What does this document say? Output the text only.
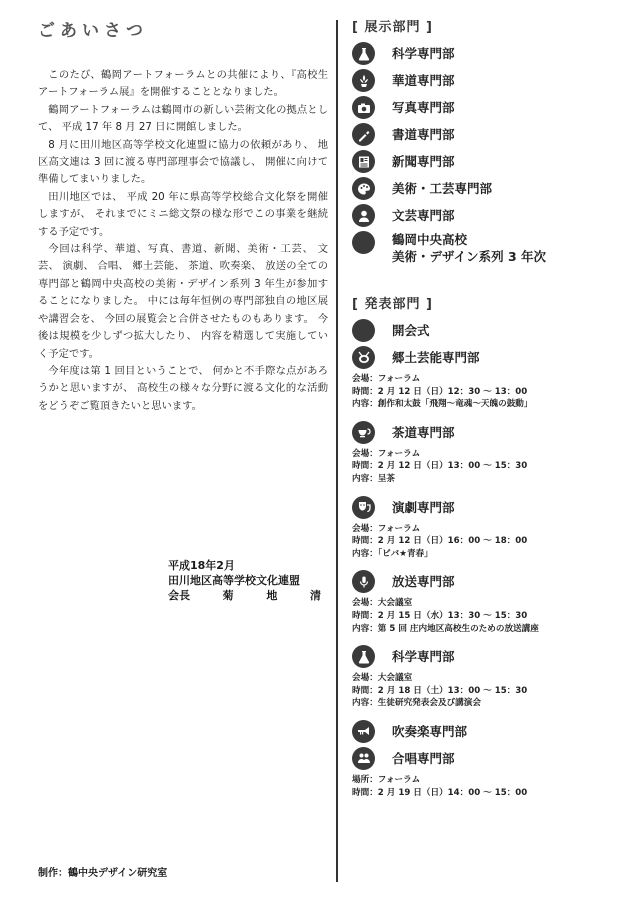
ごあいさつ

このたび、鶴岡アートフォーラムとの共催により、『高校生アートフォーラム展』を開催することとなりました。

鶴岡アートフォーラムは鶴岡市の新しい芸術文化の拠点として、 平成 17 年 8 月 27 日に開館しました。

8 月に田川地区高等学校文化連盟に協力の依頼があり、 地区高文連は 3 回に渡る専門部理事会で協議し、 開催に向けて準備してまいりました。

田川地区では、 平成 20 年に県高等学校総合文化祭を開催しますが、 それまでにミニ総文祭の様な形でこの事業を継続する予定です。

今回は科学、華道、写真、書道、新聞、美術・工芸、 文芸、 演劇、 合唱、 郷土芸能、 茶道、吹奏楽、 放送の全ての専門部と鶴岡中央高校の美術・デザイン系列 3 年生が参加することになりました。 中には毎年恒例の専門部独自の地区展や講習会を、 今回の展覧会と合併させたものもあります。 今後は規模を少しずつ拡大したり、 内容を精選して実施していく予定です。

今年度は第 1 回目ということで、 何かと不手際な点があろうかと思いますが、 高校生の様々な分野に渡る文化的な活動をどうぞご覧頂きたいと思います。

平成18年2月
田川地区高等学校文化連盟
会長	菊	地	清
制作：鶴中央デザイン研究室
[ 展示部門 ]
科学専門部
華道専門部
写真専門部
書道専門部
新聞専門部
美術・工芸専門部
文芸専門部
鶴岡中央高校
美術・デザイン系列 3 年次
[ 発表部門 ]
開会式
郷土芸能専門部
会場：フォーラム
時間：2 月 12 日（日）12：30 ～ 13：00
内容：創作和太鼓「飛翔～竜魂～天魄の鼓動」
茶道専門部
会場：フォーラム
時間：2 月 12 日（日）13：00 ～ 15：30
内容：呈茶
演劇専門部
会場：フォーラム
時間：2 月 12 日（日）16：00 ～ 18：00
内容：「ビバ★青春」
放送専門部
会場：大会議室
時間：2 月 15 日（水）13：30 ～ 15：30
内容：第 5 回 庄内地区高校生のための放送講座
科学専門部
会場：大会議室
時間：2 月 18 日（土）13：00 ～ 15：30
内容：生徒研究発表会及び講演会
吹奏楽専門部
合唱専門部
場所：フォーラム
時間：2 月 19 日（日）14：00 ～ 15：00
